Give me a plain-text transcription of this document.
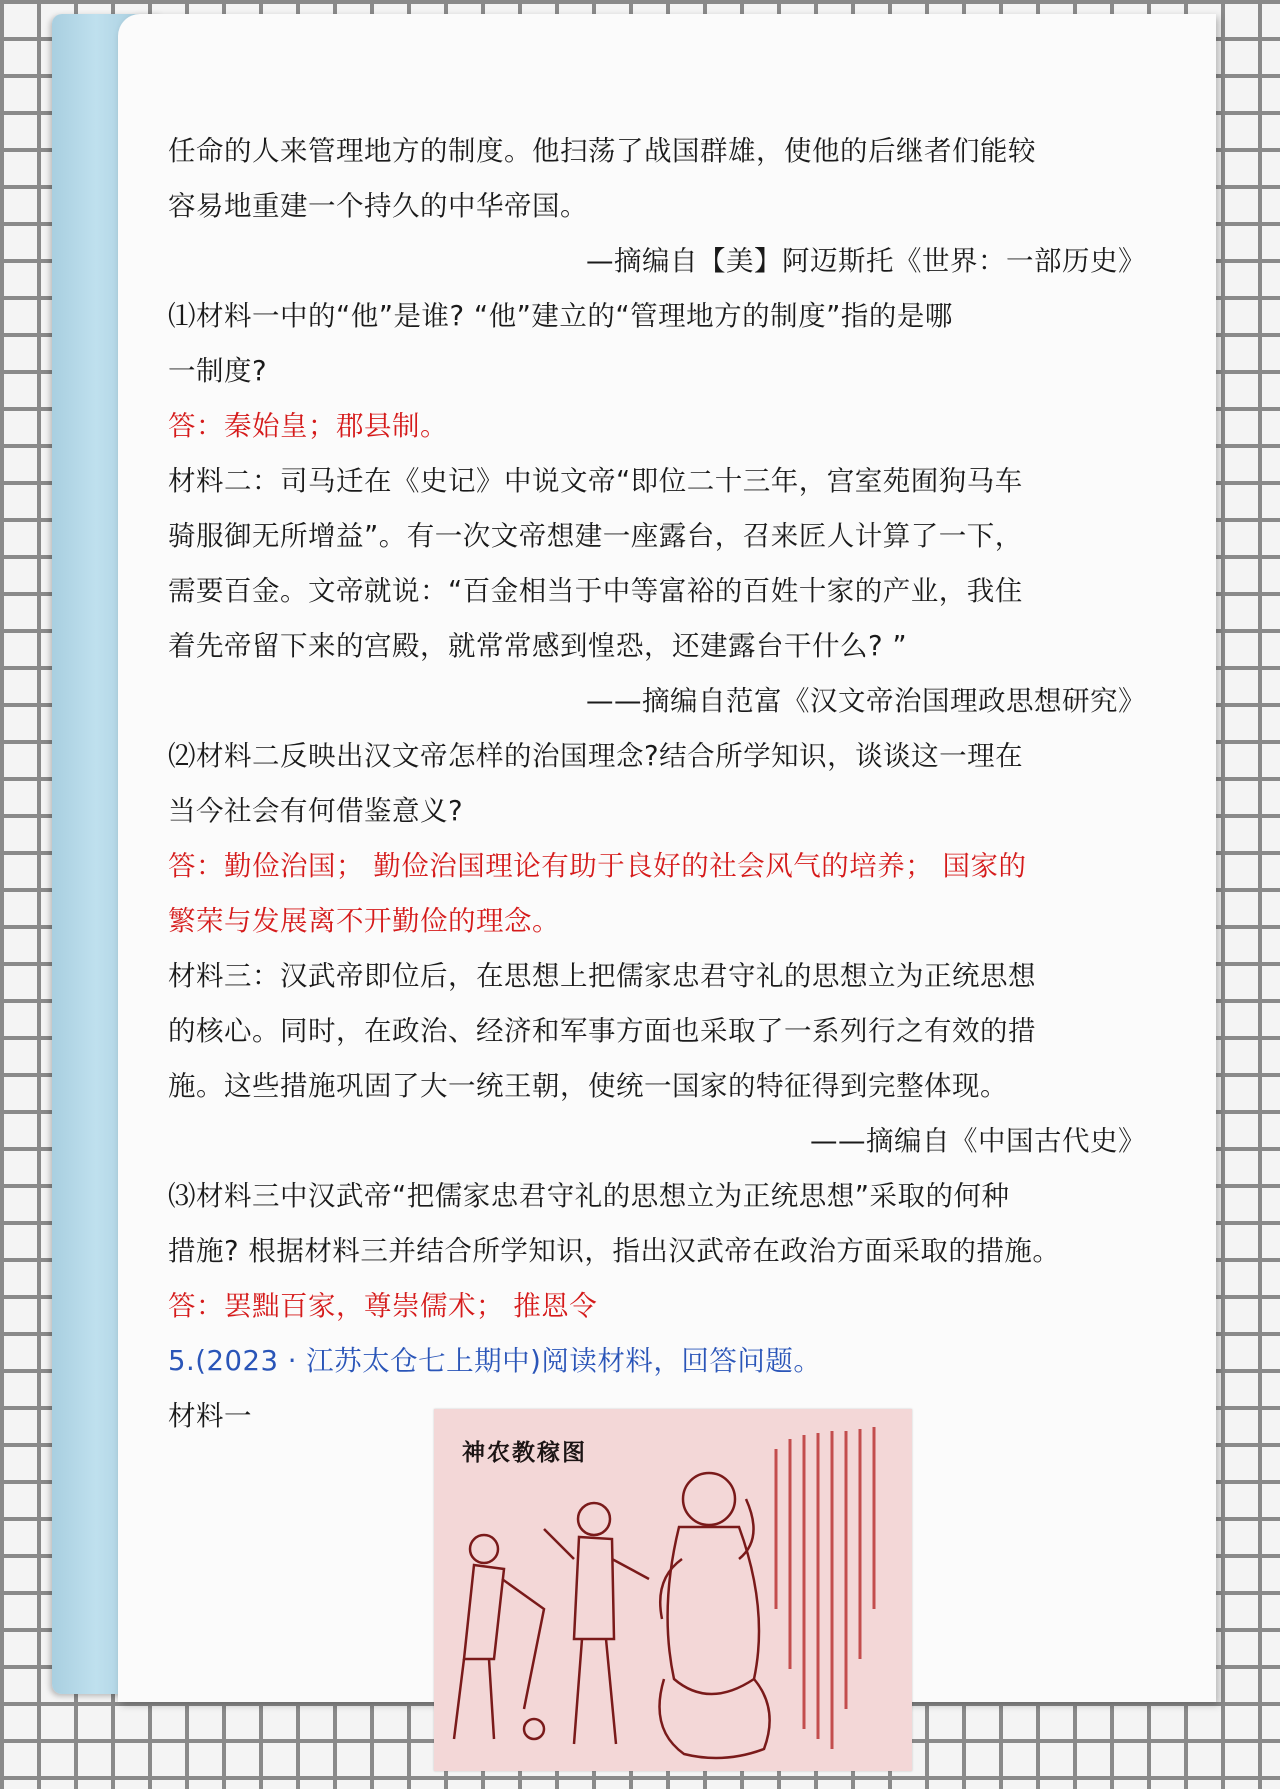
任命的人来管理地方的制度。他扫荡了战国群雄，使他的后继者们能较

容易地重建一个持久的中华帝国。

—摘编自【美】阿迈斯托《世界：一部历史》

⑴材料一中的“他”是谁? “他”建立的“管理地方的制度”指的是哪

一制度?

答：秦始皇；郡县制。

材料二：司马迁在《史记》中说文帝“即位二十三年，宫室苑囿狗马车

骑服御无所增益”。有一次文帝想建一座露台，召来匠人计算了一下，

需要百金。文帝就说：“百金相当于中等富裕的百姓十家的产业，我住

着先帝留下来的宫殿，就常常感到惶恐，还建露台干什么? ”

——摘编自范富《汉文帝治国理政思想研究》

⑵材料二反映出汉文帝怎样的治国理念?结合所学知识，谈谈这一理在

当今社会有何借鉴意义?

答：勤俭治国； 勤俭治国理论有助于良好的社会风气的培养； 国家的

繁荣与发展离不开勤俭的理念。

材料三：汉武帝即位后，在思想上把儒家忠君守礼的思想立为正统思想

的核心。同时，在政治、经济和军事方面也采取了一系列行之有效的措

施。这些措施巩固了大一统王朝，使统一国家的特征得到完整体现。

——摘编自《中国古代史》

⑶材料三中汉武帝“把儒家忠君守礼的思想立为正统思想”采取的何种

措施? 根据材料三并结合所学知识，指出汉武帝在政治方面采取的措施。

答：罢黜百家，尊崇儒术； 推恩令

5.(2023 · 江苏太仓七上期中)阅读材料，回答问题。

材料一

神农教稼图
